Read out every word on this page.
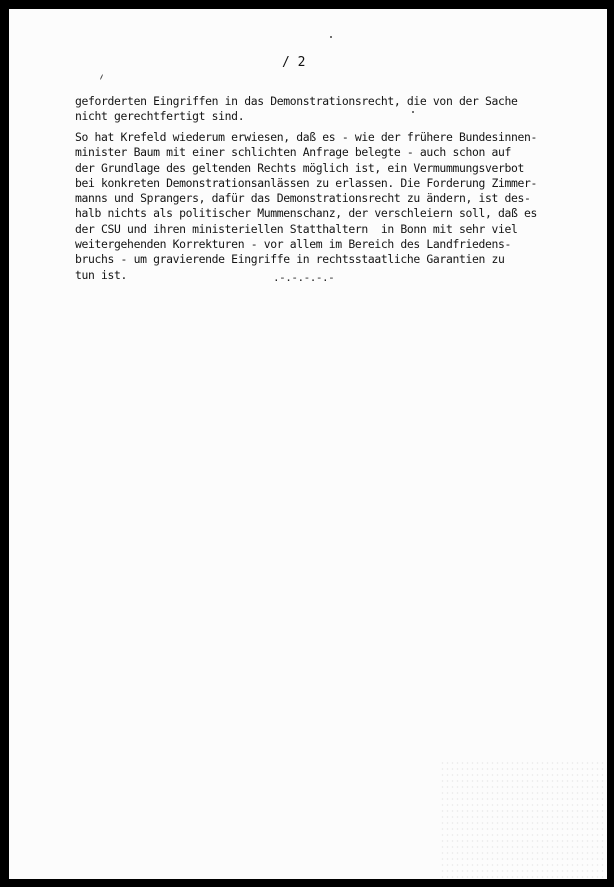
/ 2

geforderten Eingriffen in das Demonstrationsrecht, die von der Sache
nicht gerechtfertigt sind.

So hat Krefeld wiederum erwiesen, daß es - wie der frühere Bundesinnen-
minister Baum mit einer schlichten Anfrage belegte - auch schon auf
der Grundlage des geltenden Rechts möglich ist, ein Vermummungsverbot
bei konkreten Demonstrationsanlässen zu erlassen. Die Forderung Zimmer-
manns und Sprangers, dafür das Demonstrationsrecht zu ändern, ist des-
halb nichts als politischer Mummenschanz, der verschleiern soll, daß es
der CSU und ihren ministeriellen Statthaltern  in Bonn mit sehr viel
weitergehenden Korrekturen - vor allem im Bereich des Landfriedens-
bruchs - um gravierende Eingriffe in rechtsstaatliche Garantien zu
tun ist.	.-.-.-.-.-
